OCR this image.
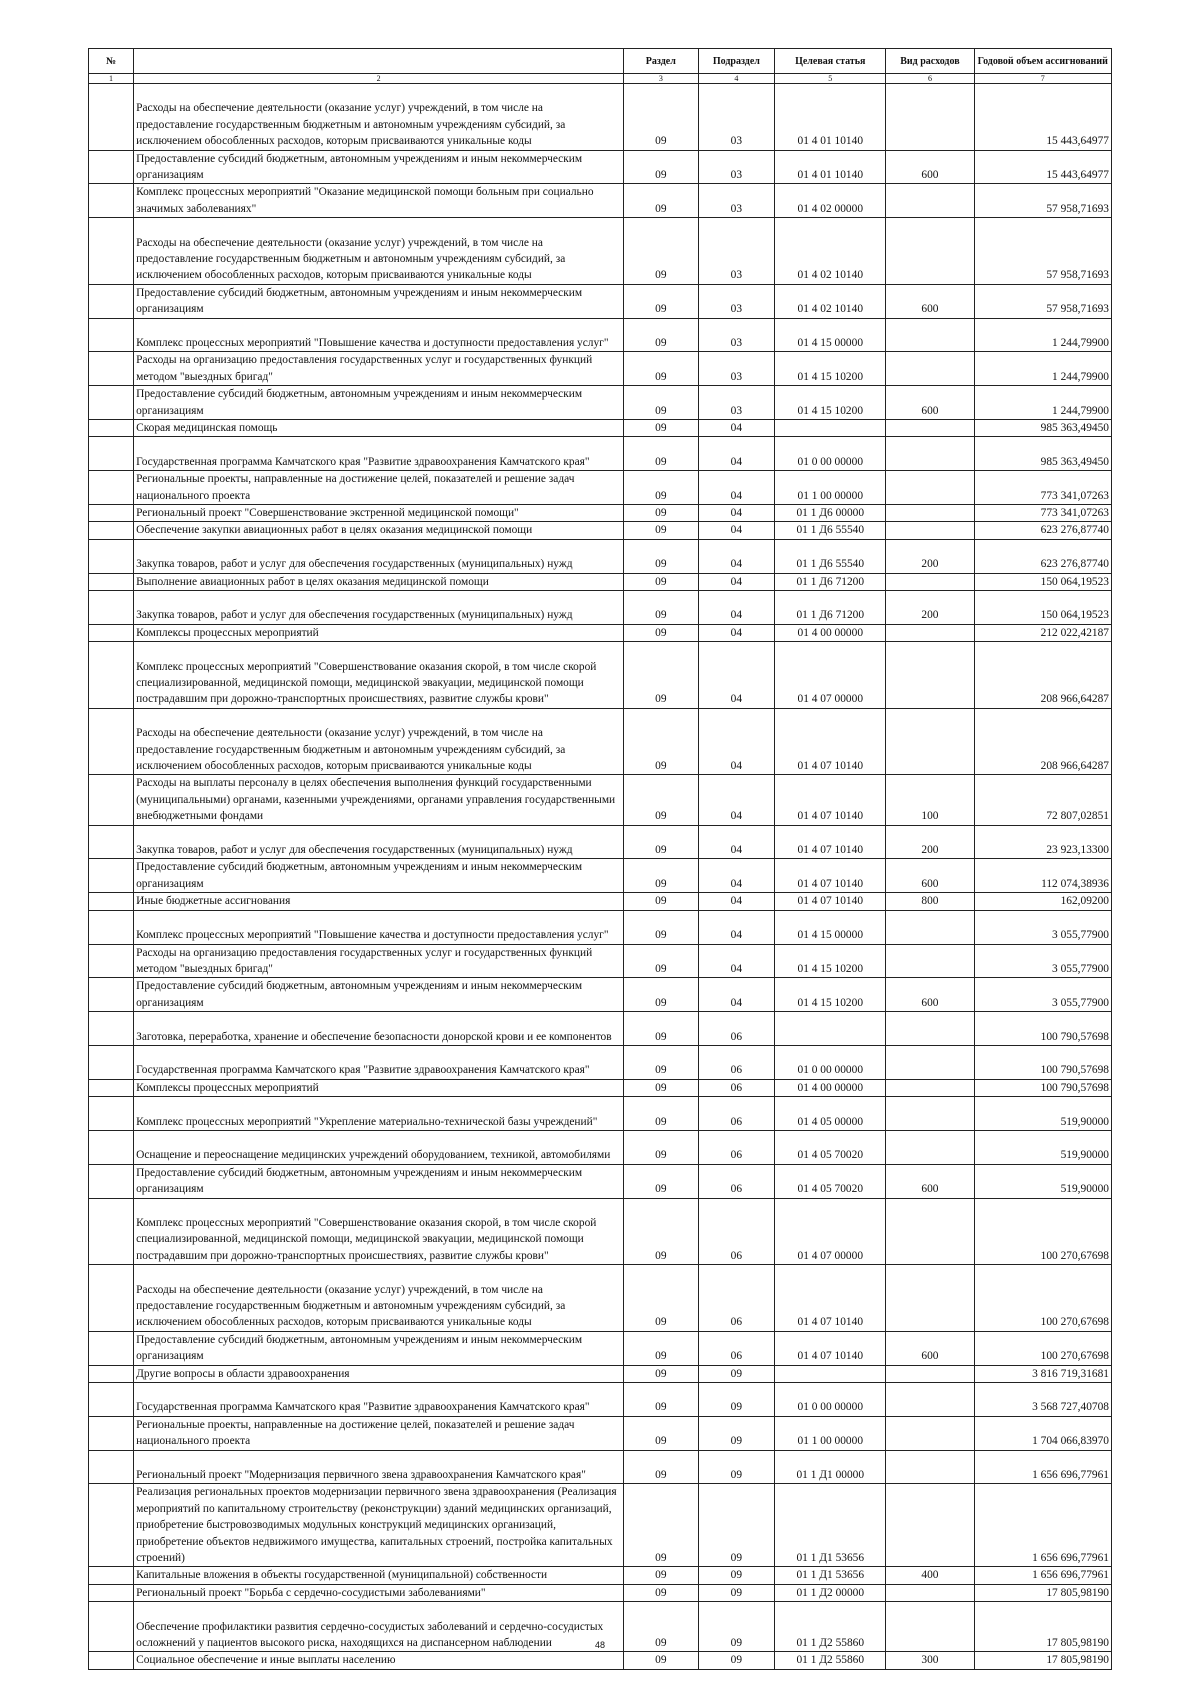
№		Раздел	Подраздел	Целевая статья	Вид расходов	Годовой объем ассигнований
1	2	3	4	5	6	7
	Расходы на обеспечение деятельности (оказание услуг) учреждений, в том числе на предоставление государственным бюджетным и автономным учреждениям субсидий, за исключением обособленных расходов, которым присваиваются уникальные коды	09	03	01 4 01 10140		15 443,64977
	Предоставление субсидий бюджетным, автономным учреждениям и иным некоммерческим организациям	09	03	01 4 01 10140	600	15 443,64977
	Комплекс процессных мероприятий "Оказание медицинской помощи больным при социально значимых заболеваниях"	09	03	01 4 02 00000		57 958,71693
	Расходы на обеспечение деятельности (оказание услуг) учреждений, в том числе на предоставление государственным бюджетным и автономным учреждениям субсидий, за исключением обособленных расходов, которым присваиваются уникальные коды	09	03	01 4 02 10140		57 958,71693
	Предоставление субсидий бюджетным, автономным учреждениям и иным некоммерческим организациям	09	03	01 4 02 10140	600	57 958,71693
	Комплекс процессных мероприятий "Повышение качества и доступности предоставления услуг"	09	03	01 4 15 00000		1 244,79900
	Расходы на организацию предоставления государственных услуг и государственных функций методом "выездных бригад"	09	03	01 4 15 10200		1 244,79900
	Предоставление субсидий бюджетным, автономным учреждениям и иным некоммерческим организациям	09	03	01 4 15 10200	600	1 244,79900
	Скорая медицинская помощь	09	04			985 363,49450
	Государственная программа Камчатского края "Развитие здравоохранения Камчатского края"	09	04	01 0 00 00000		985 363,49450
	Региональные проекты, направленные на достижение целей, показателей и решение задач национального проекта	09	04	01 1 00 00000		773 341,07263
	Региональный проект "Совершенствование экстренной медицинской помощи"	09	04	01 1 Д6 00000		773 341,07263
	Обеспечение закупки авиационных работ в целях оказания медицинской помощи	09	04	01 1 Д6 55540		623 276,87740
	Закупка товаров, работ и услуг для обеспечения государственных (муниципальных) нужд	09	04	01 1 Д6 55540	200	623 276,87740
	Выполнение авиационных работ в целях оказания медицинской помощи	09	04	01 1 Д6 71200		150 064,19523
	Закупка товаров, работ и услуг для обеспечения государственных (муниципальных) нужд	09	04	01 1 Д6 71200	200	150 064,19523
	Комплексы процессных мероприятий	09	04	01 4 00 00000		212 022,42187
	Комплекс процессных мероприятий "Совершенствование оказания скорой, в том числе скорой специализированной, медицинской помощи, медицинской эвакуации, медицинской помощи пострадавшим при дорожно-транспортных происшествиях, развитие службы крови"	09	04	01 4 07 00000		208 966,64287
	Расходы на обеспечение деятельности (оказание услуг) учреждений, в том числе на предоставление государственным бюджетным и автономным учреждениям субсидий, за исключением обособленных расходов, которым присваиваются уникальные коды	09	04	01 4 07 10140		208 966,64287
	Расходы на выплаты персоналу в целях обеспечения выполнения функций государственными (муниципальными) органами, казенными учреждениями, органами управления государственными внебюджетными фондами	09	04	01 4 07 10140	100	72 807,02851
	Закупка товаров, работ и услуг для обеспечения государственных (муниципальных) нужд	09	04	01 4 07 10140	200	23 923,13300
	Предоставление субсидий бюджетным, автономным учреждениям и иным некоммерческим организациям	09	04	01 4 07 10140	600	112 074,38936
	Иные бюджетные ассигнования	09	04	01 4 07 10140	800	162,09200
	Комплекс процессных мероприятий "Повышение качества и доступности предоставления услуг"	09	04	01 4 15 00000		3 055,77900
	Расходы на организацию предоставления государственных услуг и государственных функций методом "выездных бригад"	09	04	01 4 15 10200		3 055,77900
	Предоставление субсидий бюджетным, автономным учреждениям и иным некоммерческим организациям	09	04	01 4 15 10200	600	3 055,77900
	Заготовка, переработка, хранение и обеспечение безопасности донорской крови и ее компонентов	09	06			100 790,57698
	Государственная программа Камчатского края "Развитие здравоохранения Камчатского края"	09	06	01 0 00 00000		100 790,57698
	Комплексы процессных мероприятий	09	06	01 4 00 00000		100 790,57698
	Комплекс процессных мероприятий "Укрепление материально-технической базы учреждений"	09	06	01 4 05 00000		519,90000
	Оснащение и переоснащение медицинских учреждений оборудованием, техникой, автомобилями	09	06	01 4 05 70020		519,90000
	Предоставление субсидий бюджетным, автономным учреждениям и иным некоммерческим организациям	09	06	01 4 05 70020	600	519,90000
	Комплекс процессных мероприятий "Совершенствование оказания скорой, в том числе скорой специализированной, медицинской помощи, медицинской эвакуации, медицинской помощи пострадавшим при дорожно-транспортных происшествиях, развитие службы крови"	09	06	01 4 07 00000		100 270,67698
	Расходы на обеспечение деятельности (оказание услуг) учреждений, в том числе на предоставление государственным бюджетным и автономным учреждениям субсидий, за исключением обособленных расходов, которым присваиваются уникальные коды	09	06	01 4 07 10140		100 270,67698
	Предоставление субсидий бюджетным, автономным учреждениям и иным некоммерческим организациям	09	06	01 4 07 10140	600	100 270,67698
	Другие вопросы в области здравоохранения	09	09			3 816 719,31681
	Государственная программа Камчатского края "Развитие здравоохранения Камчатского края"	09	09	01 0 00 00000		3 568 727,40708
	Региональные проекты, направленные на достижение целей, показателей и решение задач национального проекта	09	09	01 1 00 00000		1 704 066,83970
	Региональный проект "Модернизация первичного звена здравоохранения Камчатского края"	09	09	01 1 Д1 00000		1 656 696,77961
	Реализация региональных проектов модернизации первичного звена здравоохранения (Реализация мероприятий по капитальному строительству (реконструкции) зданий медицинских организаций, приобретение быстровозводимых модульных конструкций медицинских организаций, приобретение объектов недвижимого имущества, капитальных строений, постройка капитальных строений)	09	09	01 1 Д1 53656		1 656 696,77961
	Капитальные вложения в объекты государственной (муниципальной) собственности	09	09	01 1 Д1 53656	400	1 656 696,77961
	Региональный проект "Борьба с сердечно-сосудистыми заболеваниями"	09	09	01 1 Д2 00000		17 805,98190
	Обеспечение профилактики развития сердечно-сосудистых заболеваний и сердечно-сосудистых осложнений у пациентов высокого риска, находящихся на диспансерном наблюдении	09	09	01 1 Д2 55860		17 805,98190
	Социальное обеспечение и иные выплаты населению	09	09	01 1 Д2 55860	300	17 805,98190
48
